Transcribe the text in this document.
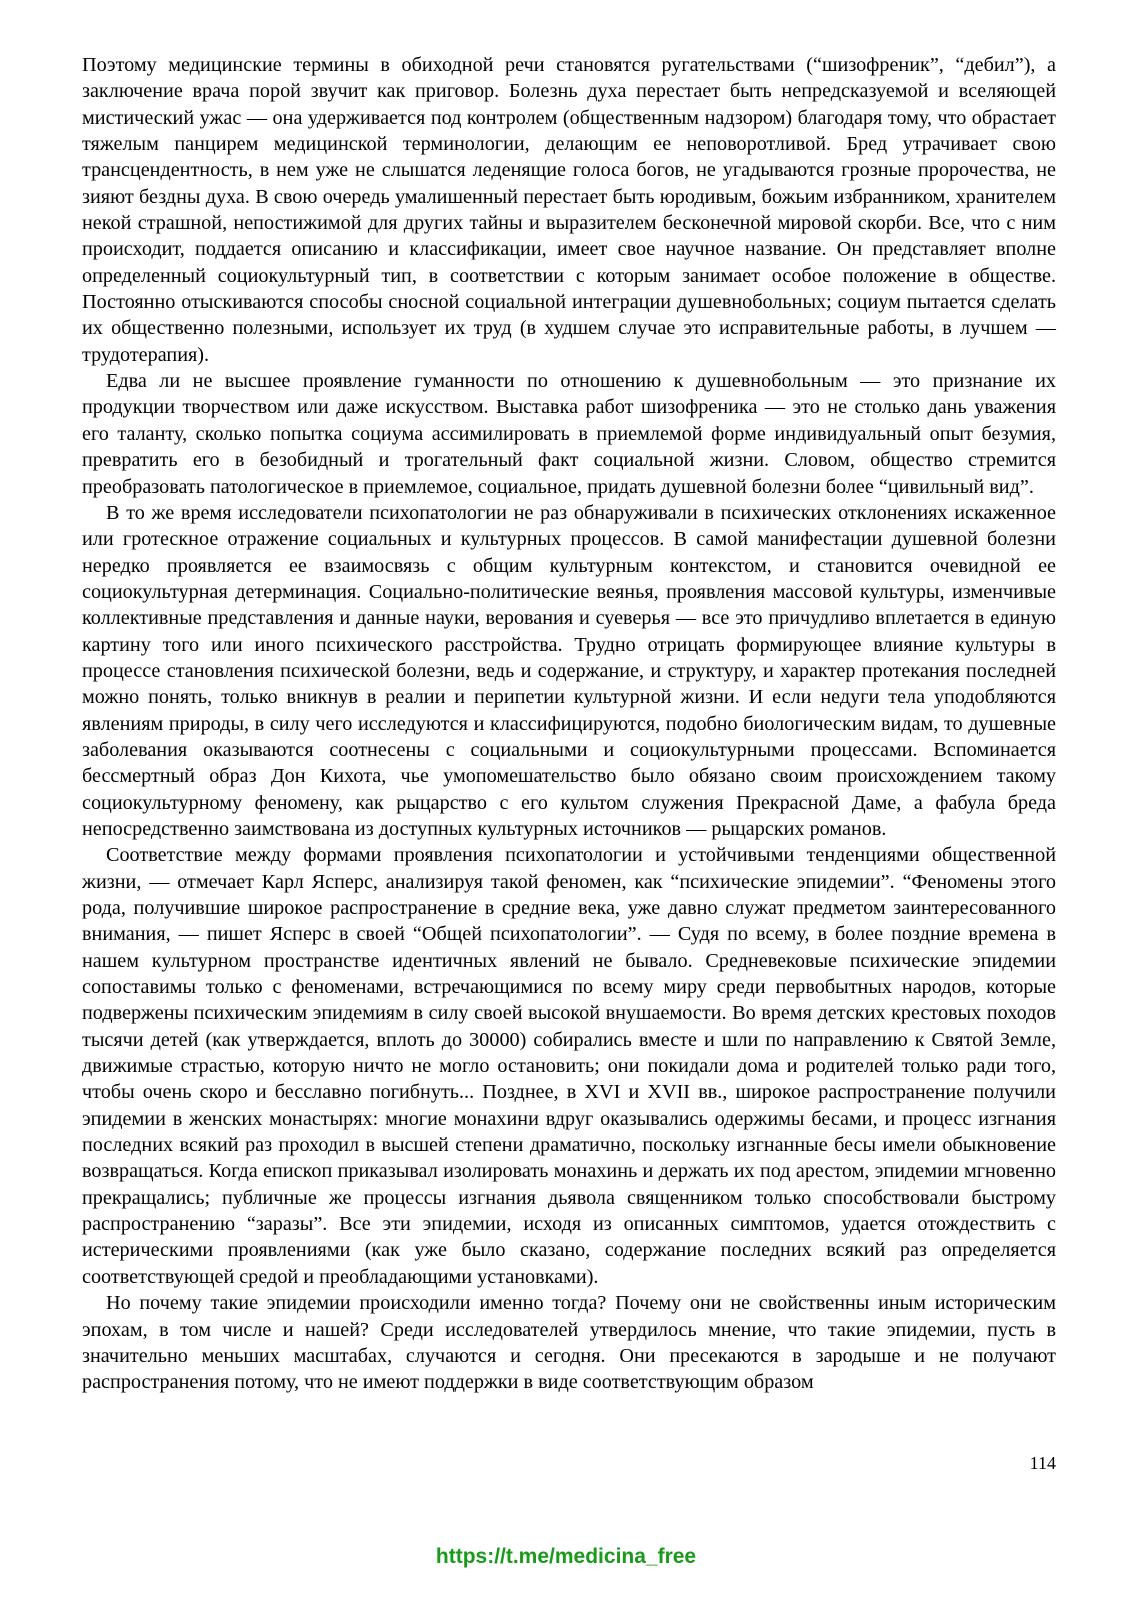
Поэтому медицинские термины в обиходной речи становятся ругательствами (“шизофреник”, “дебил”), а заключение врача порой звучит как приговор. Болезнь духа перестает быть непредсказуемой и вселяющей мистический ужас — она удерживается под контролем (общественным надзором) благодаря тому, что обрастает тяжелым панцирем медицинской терминологии, делающим ее неповоротливой. Бред утрачивает свою трансцендентность, в нем уже не слышатся леденящие голоса богов, не угадываются грозные пророчества, не зияют бездны духа. В свою очередь умалишенный перестает быть юродивым, божьим избранником, хранителем некой страшной, непостижимой для других тайны и выразителем бесконечной мировой скорби. Все, что с ним происходит, поддается описанию и классификации, имеет свое научное название. Он представляет вполне определенный социокультурный тип, в соответствии с которым занимает особое положение в обществе. Постоянно отыскиваются способы сносной социальной интеграции душевнобольных; социум пытается сделать их общественно полезными, использует их труд (в худшем случае это исправительные работы, в лучшем — трудотерапия).

Едва ли не высшее проявление гуманности по отношению к душевнобольным — это признание их продукции творчеством или даже искусством. Выставка работ шизофреника — это не столько дань уважения его таланту, сколько попытка социума ассимилировать в приемлемой форме индивидуальный опыт безумия, превратить его в безобидный и трогательный факт социальной жизни. Словом, общество стремится преобразовать патологическое в приемлемое, социальное, придать душевной болезни более “цивильный вид”.

В то же время исследователи психопатологии не раз обнаруживали в психических отклонениях искаженное или гротескное отражение социальных и культурных процессов. В самой манифестации душевной болезни нередко проявляется ее взаимосвязь с общим культурным контекстом, и становится очевидной ее социокультурная детерминация. Социально-политические веянья, проявления массовой культуры, изменчивые коллективные представления и данные науки, верования и суеверья — все это причудливо вплетается в единую картину того или иного психического расстройства. Трудно отрицать формирующее влияние культуры в процессе становления психической болезни, ведь и содержание, и структуру, и характер протекания последней можно понять, только вникнув в реалии и перипетии культурной жизни. И если недуги тела уподобляются явлениям природы, в силу чего исследуются и классифицируются, подобно биологическим видам, то душевные заболевания оказываются соотнесены с социальными и социокультурными процессами. Вспоминается бессмертный образ Дон Кихота, чье умопомешательство было обязано своим происхождением такому социокультурному феномену, как рыцарство с его культом служения Прекрасной Даме, а фабула бреда непосредственно заимствована из доступных культурных источников — рыцарских романов.

Соответствие между формами проявления психопатологии и устойчивыми тенденциями общественной жизни, — отмечает Карл Ясперс, анализируя такой феномен, как “психические эпидемии”. “Феномены этого рода, получившие широкое распространение в средние века, уже давно служат предметом заинтересованного внимания, — пишет Ясперс в своей “Общей психопатологии”. — Судя по всему, в более поздние времена в нашем культурном пространстве идентичных явлений не бывало. Средневековые психические эпидемии сопоставимы только с феноменами, встречающимися по всему миру среди первобытных народов, которые подвержены психическим эпидемиям в силу своей высокой внушаемости. Во время детских крестовых походов тысячи детей (как утверждается, вплоть до 30000) собирались вместе и шли по направлению к Святой Земле, движимые страстью, которую ничто не могло остановить; они покидали дома и родителей только ради того, чтобы очень скоро и бесславно погибнуть... Позднее, в XVI и XVII вв., широкое распространение получили эпидемии в женских монастырях: многие монахини вдруг оказывались одержимы бесами, и процесс изгнания последних всякий раз проходил в высшей степени драматично, поскольку изгнанные бесы имели обыкновение возвращаться. Когда епископ приказывал изолировать монахинь и держать их под арестом, эпидемии мгновенно прекращались; публичные же процессы изгнания дьявола священником только способствовали быстрому распространению “заразы”. Все эти эпидемии, исходя из описанных симптомов, удается отождествить с истерическими проявлениями (как уже было сказано, содержание последних всякий раз определяется соответствующей средой и преобладающими установками).

Но почему такие эпидемии происходили именно тогда? Почему они не свойственны иным историческим эпохам, в том числе и нашей? Среди исследователей утвердилось мнение, что такие эпидемии, пусть в значительно меньших масштабах, случаются и сегодня. Они пресекаются в зародыше и не получают распространения потому, что не имеют поддержки в виде соответствующим образом

114
https://t.me/medicina_free
